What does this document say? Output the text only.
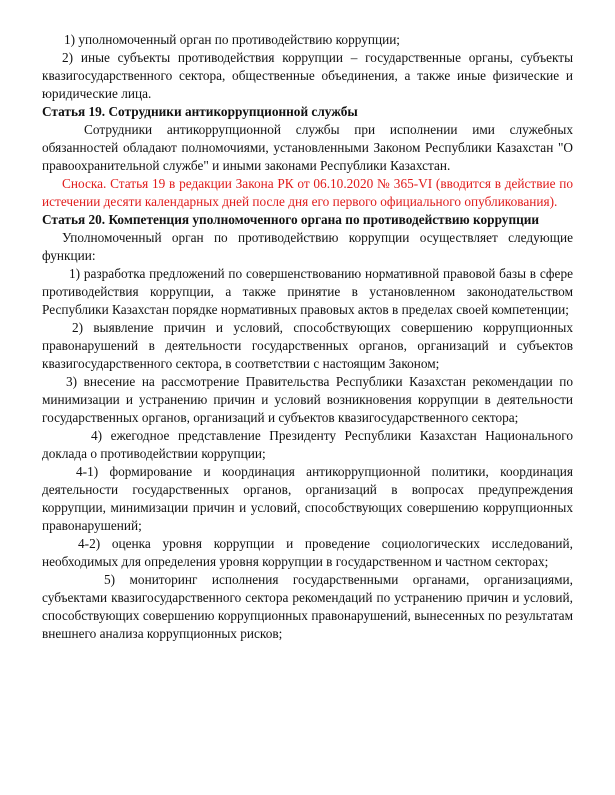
1) уполномоченный орган по противодействию коррупции;

2) иные субъекты противодействия коррупции – государственные органы, субъекты квазигосударственного сектора, общественные объединения, а также иные физические и юридические лица.

Статья 19. Сотрудники антикоррупционной службы

Сотрудники антикоррупционной службы при исполнении ими служебных обязанностей обладают полномочиями, установленными Законом Республики Казахстан "О правоохранительной службе" и иными законами Республики Казахстан.

Сноска. Статья 19 в редакции Закона РК от 06.10.2020 № 365-VI (вводится в действие по истечении десяти календарных дней после дня его первого официального опубликования).

Статья 20. Компетенция уполномоченного органа по противодействию коррупции

Уполномоченный орган по противодействию коррупции осуществляет следующие функции:

1) разработка предложений по совершенствованию нормативной правовой базы в сфере противодействия коррупции, а также принятие в установленном законодательством Республики Казахстан порядке нормативных правовых актов в пределах своей компетенции;

2) выявление причин и условий, способствующих совершению коррупционных правонарушений в деятельности государственных органов, организаций и субъектов квазигосударственного сектора, в соответствии с настоящим Законом;

3) внесение на рассмотрение Правительства Республики Казахстан рекомендации по минимизации и устранению причин и условий возникновения коррупции в деятельности государственных органов, организаций и субъектов квазигосударственного сектора;

4) ежегодное представление Президенту Республики Казахстан Национального доклада о противодействии коррупции;

4-1) формирование и координация антикоррупционной политики, координация деятельности государственных органов, организаций в вопросах предупреждения коррупции, минимизации причин и условий, способствующих совершению коррупционных правонарушений;

4-2) оценка уровня коррупции и проведение социологических исследований, необходимых для определения уровня коррупции в государственном и частном секторах;

5) мониторинг исполнения государственными органами, организациями, субъектами квазигосударственного сектора рекомендаций по устранению причин и условий, способствующих совершению коррупционных правонарушений, вынесенных по результатам внешнего анализа коррупционных рисков;
